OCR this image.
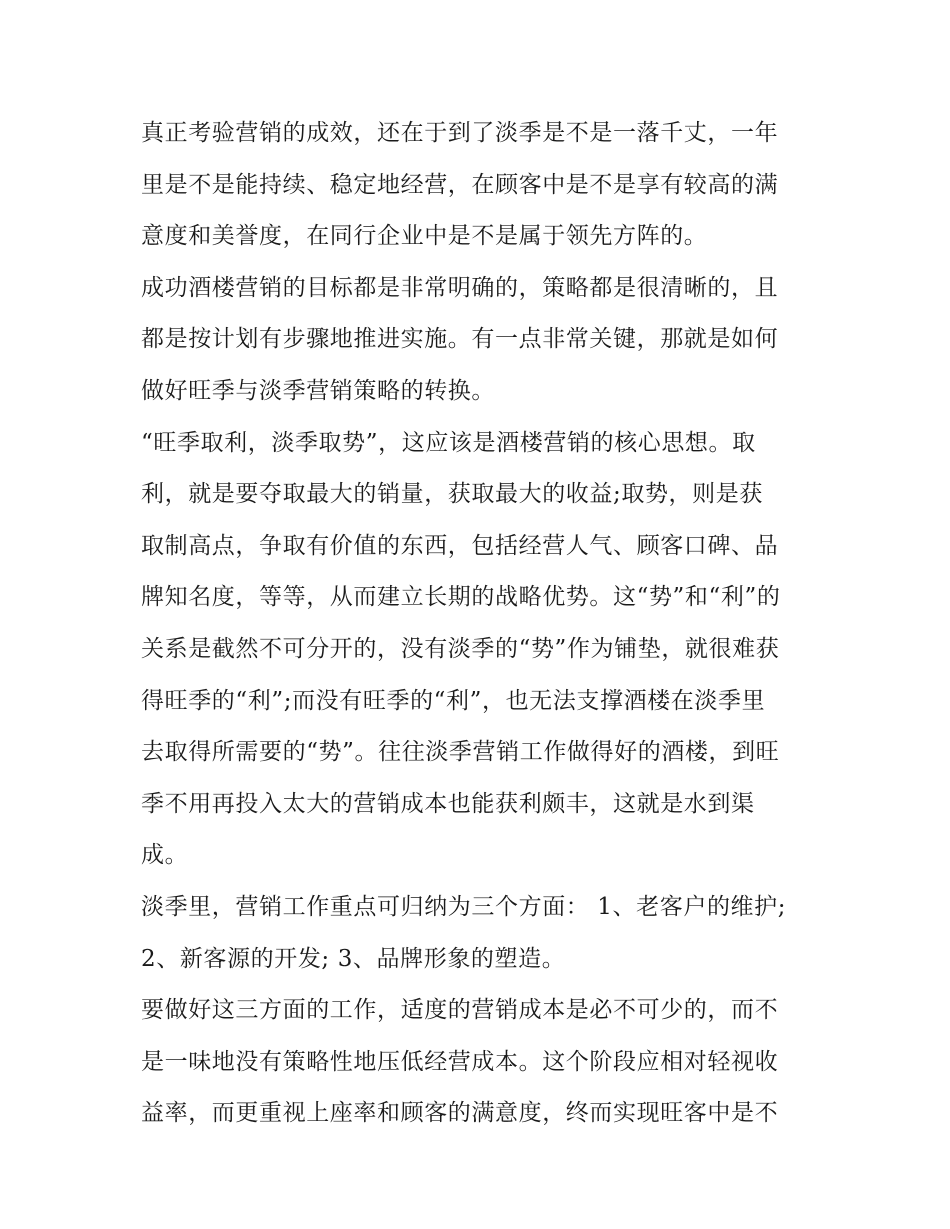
真正考验营销的成效，还在于到了淡季是不是一落千丈，一年
里是不是能持续、稳定地经营，在顾客中是不是享有较高的满
意度和美誉度，在同行企业中是不是属于领先方阵的。
成功酒楼营销的目标都是非常明确的，策略都是很清晰的，且
都是按计划有步骤地推进实施。有一点非常关键，那就是如何
做好旺季与淡季营销策略的转换。
“旺季取利，淡季取势”，这应该是酒楼营销的核心思想。取
利，就是要夺取最大的销量，获取最大的收益;取势，则是获
取制高点，争取有价值的东西，包括经营人气、顾客口碑、品
牌知名度，等等，从而建立长期的战略优势。这“势”和“利”的
关系是截然不可分开的，没有淡季的“势”作为铺垫，就很难获
得旺季的“利”;而没有旺季的“利”，也无法支撑酒楼在淡季里
去取得所需要的“势”。往往淡季营销工作做得好的酒楼，到旺
季不用再投入太大的营销成本也能获利颇丰，这就是水到渠
成。
淡季里，营销工作重点可归纳为三个方面： 1、老客户的维护;
2、新客源的开发; 3、品牌形象的塑造。
要做好这三方面的工作，适度的营销成本是必不可少的，而不
是一味地没有策略性地压低经营成本。这个阶段应相对轻视收
益率，而更重视上座率和顾客的满意度，终而实现旺客中是不
